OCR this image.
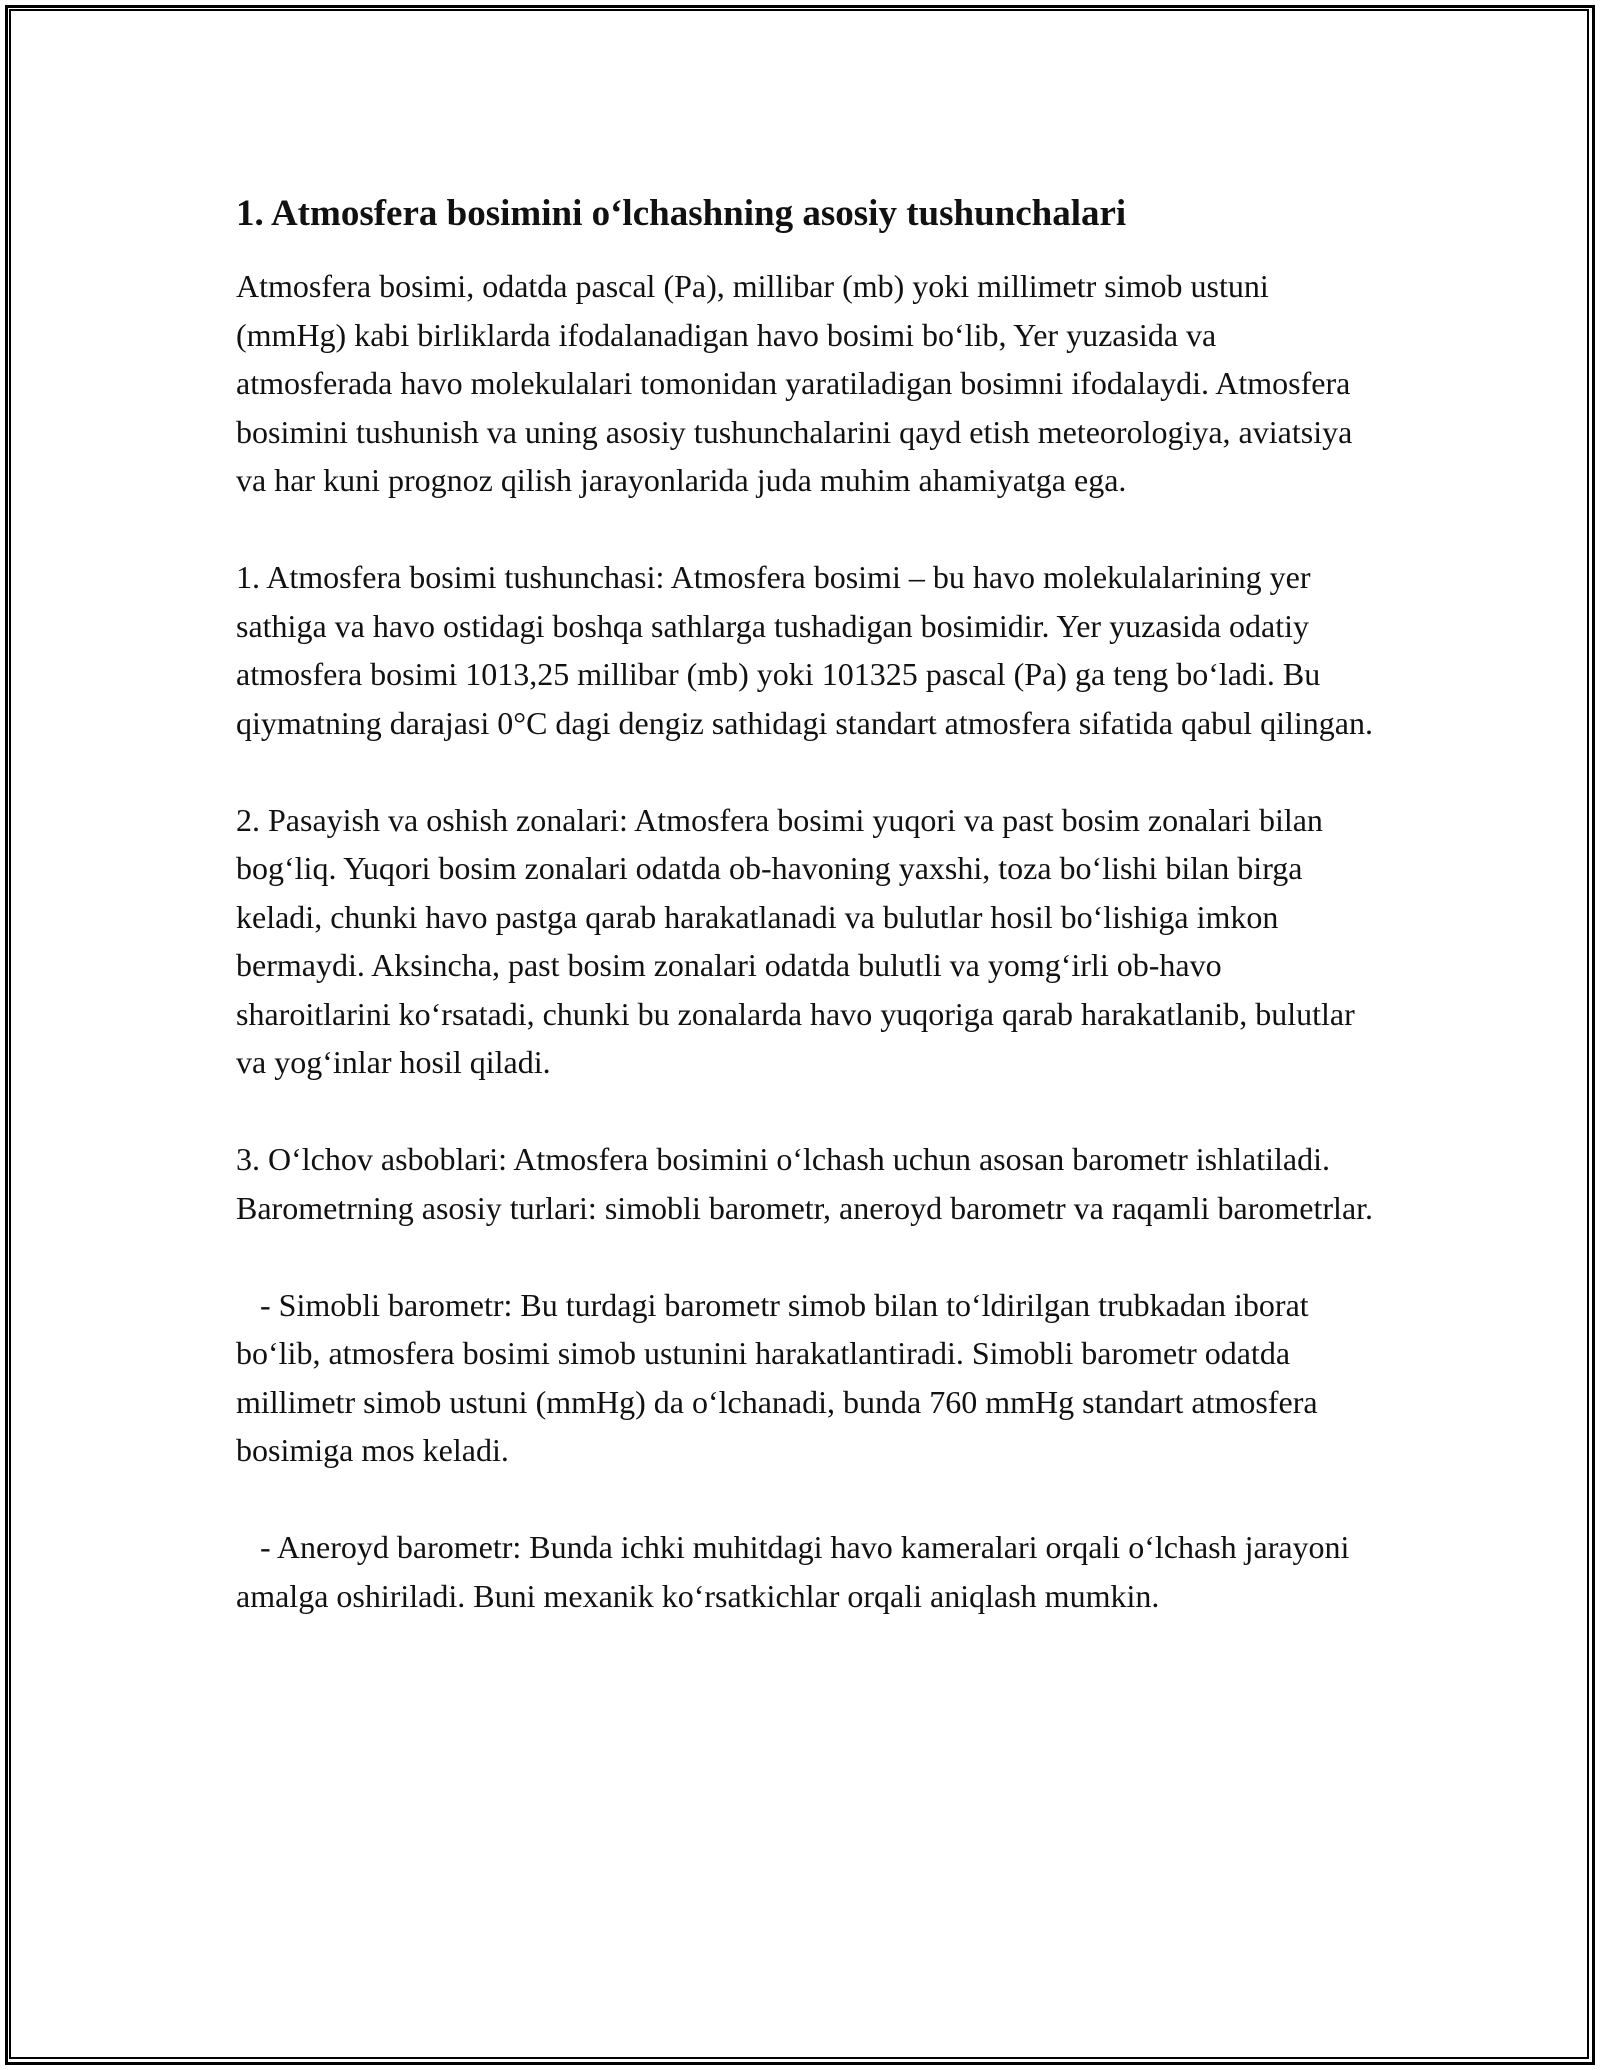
1. Atmosfera bosimini o‘lchashning asosiy tushunchalari

Atmosfera bosimi, odatda pascal (Pa), millibar (mb) yoki millimetr simob ustuni (mmHg) kabi birliklarda ifodalanadigan havo bosimi bo‘lib, Yer yuzasida va atmosferada havo molekulalari tomonidan yaratiladigan bosimni ifodalaydi. Atmosfera bosimini tushunish va uning asosiy tushunchalarini qayd etish meteorologiya, aviatsiya va har kuni prognoz qilish jarayonlarida juda muhim ahamiyatga ega.

1. Atmosfera bosimi tushunchasi: Atmosfera bosimi – bu havo molekulalarining yer sathiga va havo ostidagi boshqa sathlarga tushadigan bosimidir. Yer yuzasida odatiy atmosfera bosimi 1013,25 millibar (mb) yoki 101325 pascal (Pa) ga teng bo‘ladi. Bu qiymatning darajasi 0°C dagi dengiz sathidagi standart atmosfera sifatida qabul qilingan.

2. Pasayish va oshish zonalari: Atmosfera bosimi yuqori va past bosim zonalari bilan bog‘liq. Yuqori bosim zonalari odatda ob-havoning yaxshi, toza bo‘lishi bilan birga keladi, chunki havo pastga qarab harakatlanadi va bulutlar hosil bo‘lishiga imkon bermaydi. Aksincha, past bosim zonalari odatda bulutli va yomg‘irli ob-havo sharoitlarini ko‘rsatadi, chunki bu zonalarda havo yuqoriga qarab harakatlanib, bulutlar va yog‘inlar hosil qiladi.

3. O‘lchov asboblari: Atmosfera bosimini o‘lchash uchun asosan barometr ishlatiladi. Barometrning asosiy turlari: simobli barometr, aneroyd barometr va raqamli barometrlar.

- Simobli barometr: Bu turdagi barometr simob bilan to‘ldirilgan trubkadan iborat bo‘lib, atmosfera bosimi simob ustunini harakatlantiradi. Simobli barometr odatda millimetr simob ustuni (mmHg) da o‘lchanadi, bunda 760 mmHg standart atmosfera bosimiga mos keladi.

- Aneroyd barometr: Bunda ichki muhitdagi havo kameralari orqali o‘lchash jarayoni amalga oshiriladi. Buni mexanik ko‘rsatkichlar orqali aniqlash mumkin.
